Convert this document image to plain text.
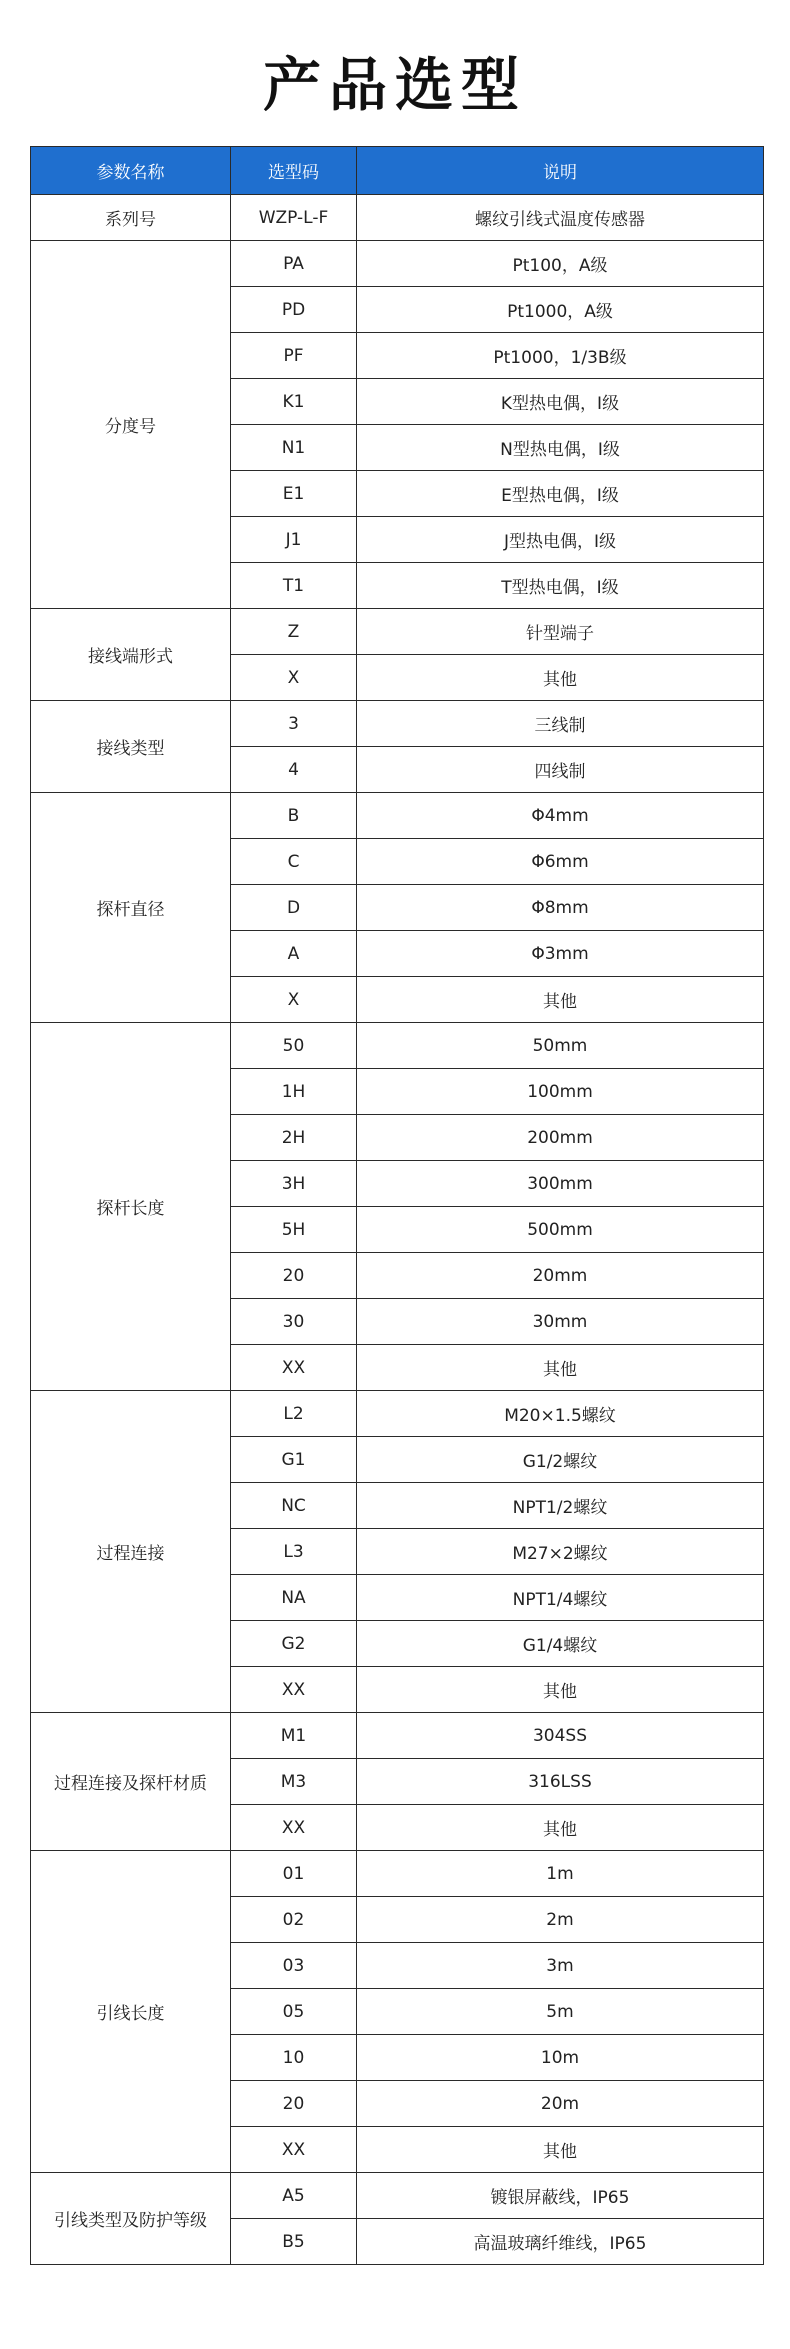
产品选型
参数名称	选型码	说明
系列号	WZP-L-F	螺纹引线式温度传感器
分度号	PA	Pt100，A级
	PD	Pt1000，A级
	PF	Pt1000，1/3B级
	K1	K型热电偶，Ⅰ级
	N1	N型热电偶，Ⅰ级
	E1	E型热电偶，Ⅰ级
	J1	J型热电偶，Ⅰ级
	T1	T型热电偶，Ⅰ级
接线端形式	Z	针型端子
	X	其他
接线类型	3	三线制
	4	四线制
探杆直径	B	Φ4mm
	C	Φ6mm
	D	Φ8mm
	A	Φ3mm
	X	其他
探杆长度	50	50mm
	1H	100mm
	2H	200mm
	3H	300mm
	5H	500mm
	20	20mm
	30	30mm
	XX	其他
过程连接	L2	M20×1.5螺纹
	G1	G1/2螺纹
	NC	NPT1/2螺纹
	L3	M27×2螺纹
	NA	NPT1/4螺纹
	G2	G1/4螺纹
	XX	其他
过程连接及探杆材质	M1	304SS
	M3	316LSS
	XX	其他
引线长度	01	1m
	02	2m
	03	3m
	05	5m
	10	10m
	20	20m
	XX	其他
引线类型及防护等级	A5	镀银屏蔽线，IP65
	B5	高温玻璃纤维线，IP65
